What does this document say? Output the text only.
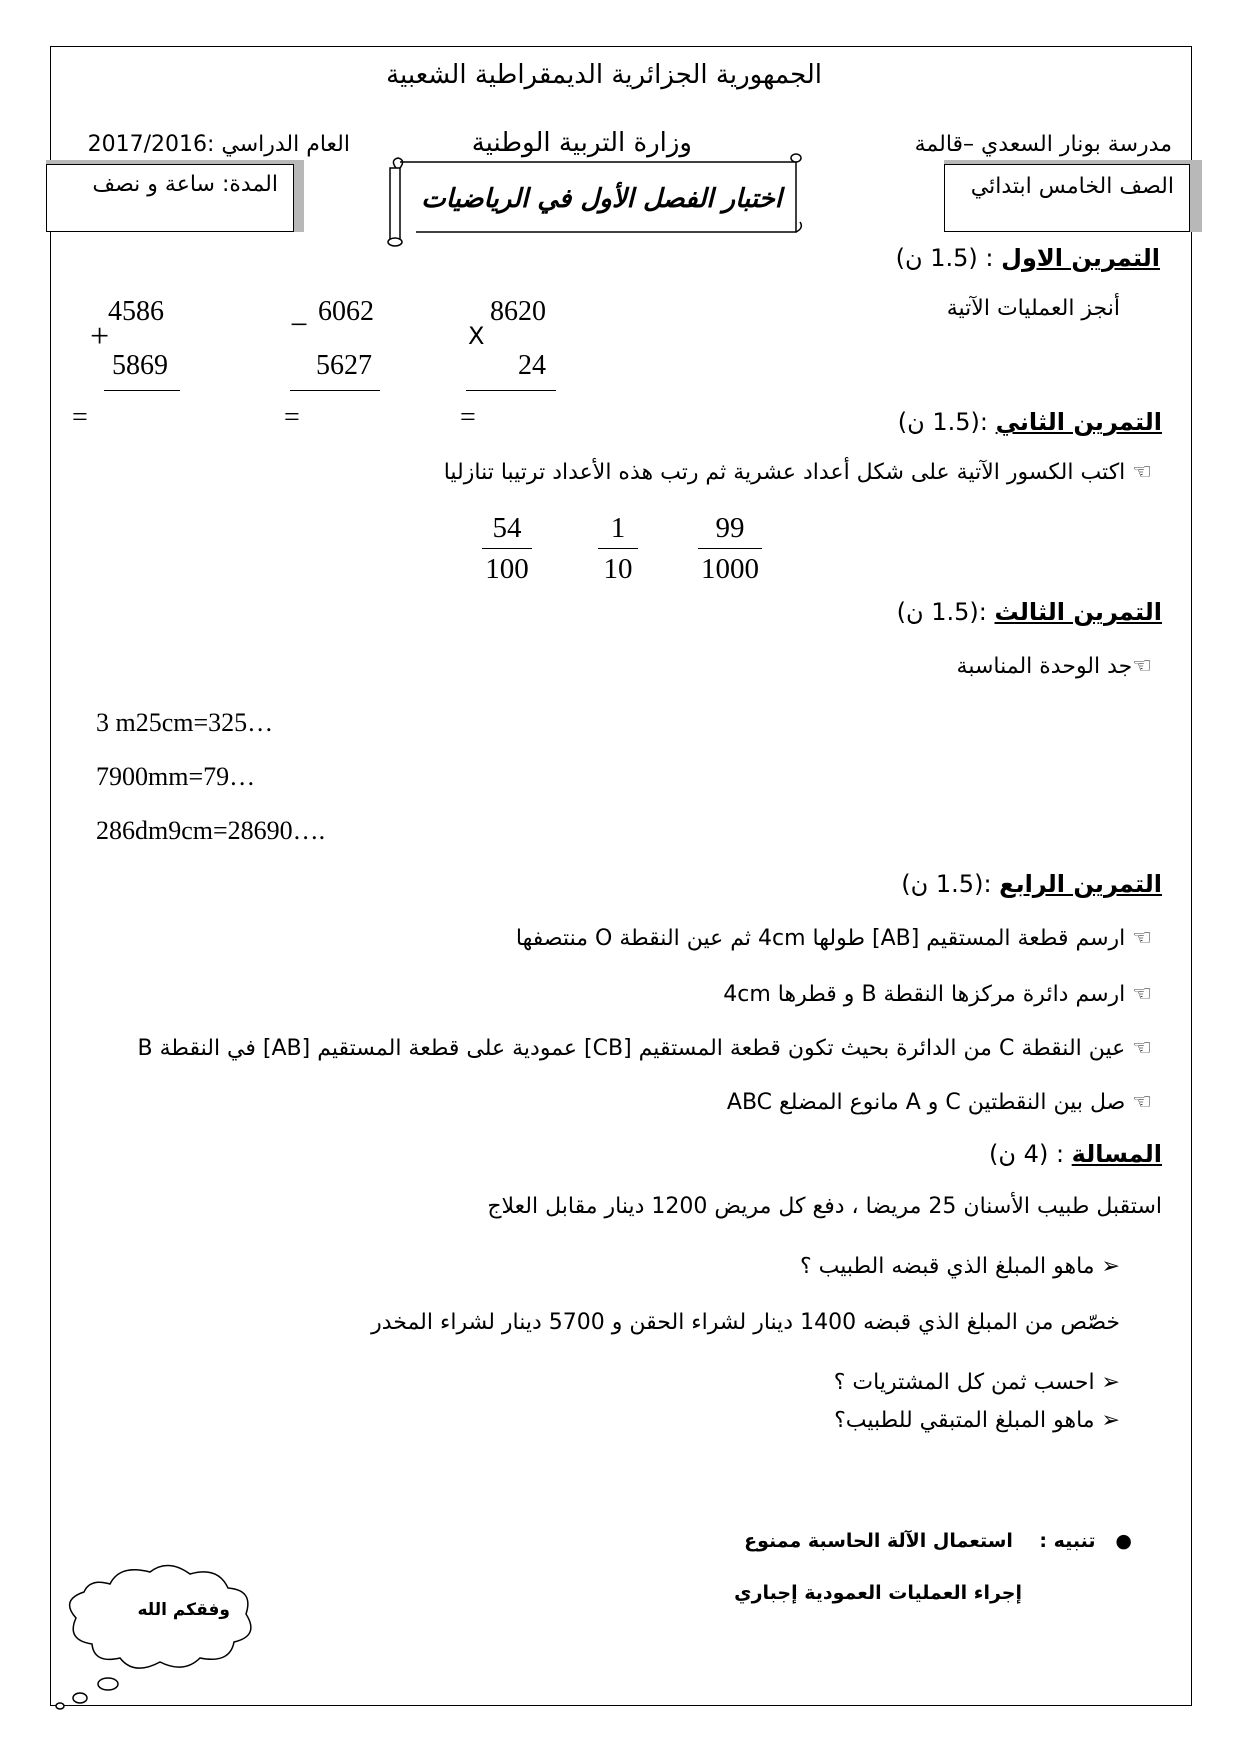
الجمهورية الجزائرية الديمقراطية الشعبية
وزارة التربية الوطنية	مدرسة بونار السعدي –قالمة
العام الدراسي :2017/2016
المدة: ساعة و نصف	الصف الخامس ابتدائي
اختبار الفصل الأول في الرياضيات
التمرين الاول : (1.5 ن)
أنجز العمليات الآتية
+
4586
5869
=
− 6062
5627
=
X
8620
24
=	التمرين الثاني :(1.5 ن)
☜ اكتب الكسور الآتية على شكل أعداد عشرية ثم رتب هذه الأعداد ترتيبا تنازليا
54
100
1
10
99
1000
التمرين الثالث :(1.5 ن)
☜جد الوحدة المناسبة
3 m25cm=325…
7900mm=79…
286dm9cm=28690….
التمرين الرابع :(1.5 ن)
☜ ارسم قطعة المستقيم [AB] طولها 4cm ثم عين النقطة O منتصفها
☜ ارسم دائرة مركزها النقطة B و قطرها 4cm
☜ عين النقطة C من الدائرة بحيث تكون قطعة المستقيم [CB] عمودية على قطعة المستقيم [AB] في النقطة B
☜ صل بين النقطتين C و A مانوع المضلع ABC
المسالة : (4 ن)
استقبل طبيب الأسنان 25 مريضا ، دفع كل مريض 1200 دينار مقابل العلاج
➢ ماهو المبلغ الذي قبضه الطبيب ؟
خصّص من المبلغ الذي قبضه 1400 دينار لشراء الحقن و 5700 دينار لشراء المخدر
➢ احسب ثمن كل المشتريات ؟
➢ ماهو المبلغ المتبقي للطبيب؟
●   تنبيه :    استعمال الآلة الحاسبة ممنوع
إجراء العمليات العمودية إجباري
وفقكم الله
